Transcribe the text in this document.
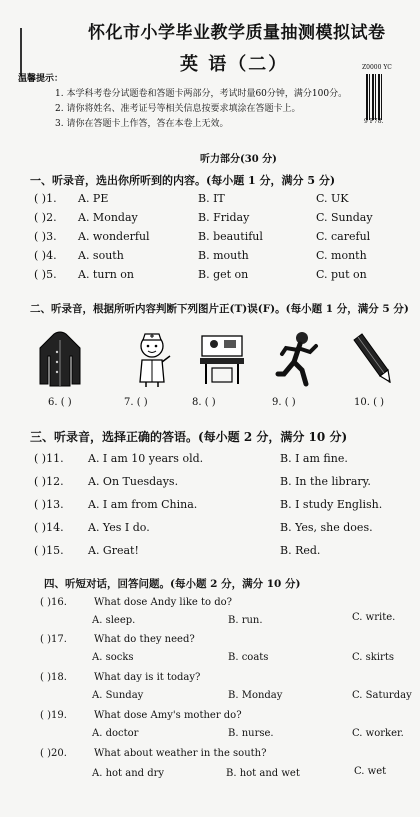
怀化市小学毕业教学质量抽测模拟试卷
英 语（二）
温馨提示：
1. 本学科考卷分试题卷和答题卡两部分，考试时量60分钟，满分100分。
2. 请你将姓名、准考证号等相关信息按要求填涂在答题卡上。
3. 请你在答题卡上作答，答在本卷上无效。
Z0000 YC
9 F78.
听力部分(30 分)
一、听录音，选出你所听到的内容。(每小题 1 分，满分 5 分)
( )1. A. PE	B. IT	C. UK
( )2. A. Monday	B. Friday	C. Sunday
( )3. A. wonderful	B. beautiful	C. careful
( )4. A. south	B. mouth	C. month
( )5. A. turn on	B. get on	C. put on
二、听录音，根据所听内容判断下列图片正(T)误(F)。(每小题 1 分，满分 5 分)
6. ( )	7. ( )	8. ( )	9. ( )	10. ( )
三、听录音，选择正确的答语。(每小题 2 分，满分 10 分)
( )11. A. I am 10 years old.	B. I am fine.
( )12. A. On Tuesdays.	B. In the library.
( )13. A. I am from China.	B. I study English.
( )14. A. Yes I do.	B. Yes, she does.
( )15. A. Great!	B. Red.
四、听短对话，回答问题。(每小题 2 分，满分 10 分)
( )16.	What dose Andy like to do?
A. sleep.	B. run.	C. write.
( )17.	What do they need?
A. socks	B. coats	C. skirts
( )18.	What day is it today?
A. Sunday	B. Monday	C. Saturday
( )19.	What dose Amy's mother do?
A. doctor	B. nurse.	C. worker.
( )20.	What about weather in the south?
A. hot and dry	B. hot and wet	C. wet
